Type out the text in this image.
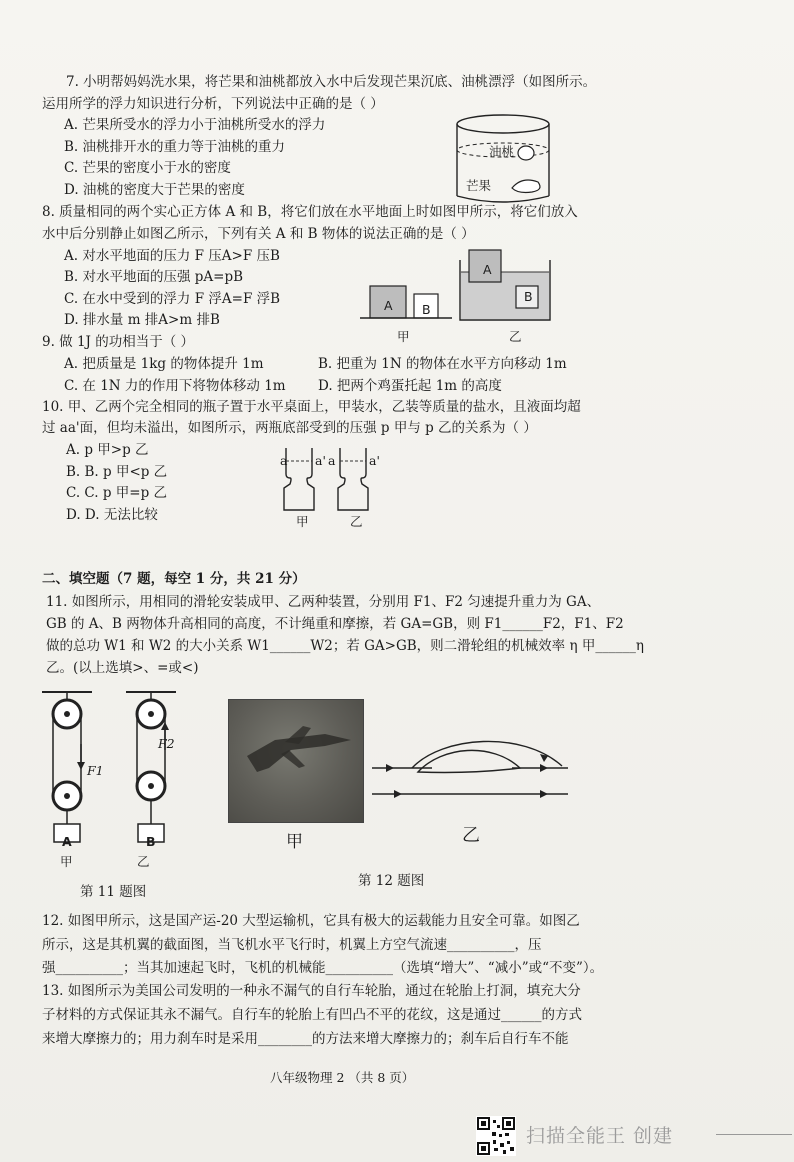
7. 小明帮妈妈洗水果，将芒果和油桃都放入水中后发现芒果沉底、油桃漂浮（如图所示。
运用所学的浮力知识进行分析，下列说法中正确的是（ ）
A. 芒果所受水的浮力小于油桃所受水的浮力
B. 油桃排开水的重力等于油桃的重力
C. 芒果的密度小于水的密度
D. 油桃的密度大于芒果的密度
油桃
芒果
8. 质量相同的两个实心正方体 A 和 B，将它们放在水平地面上时如图甲所示，将它们放入
水中后分别静止如图乙所示，下列有关 A 和 B 物体的说法正确的是（ ）
A. 对水平地面的压力 F 压A>F 压B
B. 对水平地面的压强 pA=pB
C. 在水中受到的浮力 F 浮A=F 浮B
D. 排水量 m 排A>m 排B
A B
A
B
甲	乙
9. 做 1J 的功相当于（ ）
A. 把质量是 1kg 的物体提升 1m	B. 把重为 1N 的物体在水平方向移动 1m
C. 在 1N 力的作用下将物体移动 1m D. 把两个鸡蛋托起 1m 的高度
10. 甲、乙两个完全相同的瓶子置于水平桌面上，甲装水，乙装等质量的盐水，且液面均超
过 aa'面，但均未溢出，如图所示，两瓶底部受到的压强 p 甲与 p 乙的关系为（ ）
A. p 甲>p 乙
B. B. p 甲<p 乙
C. C. p 甲=p 乙
D. D. 无法比较
a a' a	a'
甲	乙
二、填空题（7 题，每空 1 分，共 21 分）
11. 如图所示，用相同的滑轮安装成甲、乙两种装置，分别用 F1、F2 匀速提升重力为 GA、
GB 的 A、B 两物体升高相同的高度，不计绳重和摩擦，若 GA=GB，则 F1______F2，F1、F2
做的总功 W1 和 W2 的大小关系 W1______W2；若 GA>GB，则二滑轮组的机械效率 η 甲______η
乙。(以上选填>、=或<)
F1
F2
A	B
甲	乙
第 11 题图
甲	乙
第 12 题图
12. 如图甲所示，这是国产运-20 大型运输机，它具有极大的运载能力且安全可靠。如图乙
所示，这是其机翼的截面图，当飞机水平飞行时，机翼上方空气流速__________，压
强__________；当其加速起飞时，飞机的机械能__________（选填“增大”、“减小”或“不变”）。
13. 如图所示为美国公司发明的一种永不漏气的自行车轮胎，通过在轮胎上打洞，填充大分
子材料的方式保证其永不漏气。自行车的轮胎上有凹凸不平的花纹，这是通过______的方式
来增大摩擦力的；用力刹车时是采用________的方法来增大摩擦力的；刹车后自行车不能
八年级物理 2 （共 8 页）
扫描全能王 创建
